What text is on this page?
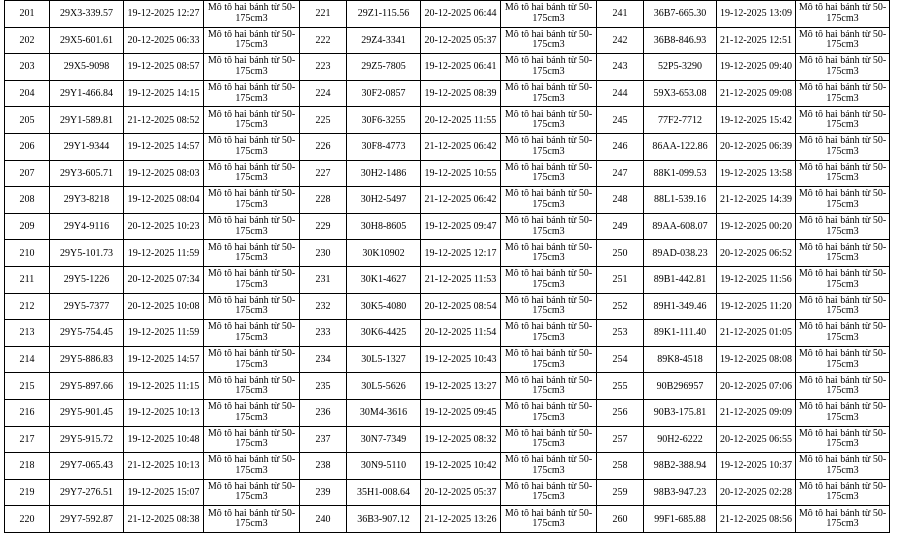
201	29X3-339.57	19-12-2025 12:27	Mô tô hai bánh từ 50-175cm3
202	29X5-601.61	20-12-2025 06:33	Mô tô hai bánh từ 50-175cm3
203	29X5-9098	19-12-2025 08:57	Mô tô hai bánh từ 50-175cm3
204	29Y1-466.84	19-12-2025 14:15	Mô tô hai bánh từ 50-175cm3
205	29Y1-589.81	21-12-2025 08:52	Mô tô hai bánh từ 50-175cm3
206	29Y1-9344	19-12-2025 14:57	Mô tô hai bánh từ 50-175cm3
207	29Y3-605.71	19-12-2025 08:03	Mô tô hai bánh từ 50-175cm3
208	29Y3-8218	19-12-2025 08:04	Mô tô hai bánh từ 50-175cm3
209	29Y4-9116	20-12-2025 10:23	Mô tô hai bánh từ 50-175cm3
210	29Y5-101.73	19-12-2025 11:59	Mô tô hai bánh từ 50-175cm3
211	29Y5-1226	20-12-2025 07:34	Mô tô hai bánh từ 50-175cm3
212	29Y5-7377	20-12-2025 10:08	Mô tô hai bánh từ 50-175cm3
213	29Y5-754.45	19-12-2025 11:59	Mô tô hai bánh từ 50-175cm3
214	29Y5-886.83	19-12-2025 14:57	Mô tô hai bánh từ 50-175cm3
215	29Y5-897.66	19-12-2025 11:15	Mô tô hai bánh từ 50-175cm3
216	29Y5-901.45	19-12-2025 10:13	Mô tô hai bánh từ 50-175cm3
217	29Y5-915.72	19-12-2025 10:48	Mô tô hai bánh từ 50-175cm3
218	29Y7-065.43	21-12-2025 10:13	Mô tô hai bánh từ 50-175cm3
219	29Y7-276.51	19-12-2025 15:07	Mô tô hai bánh từ 50-175cm3
220	29Y7-592.87	21-12-2025 08:38	Mô tô hai bánh từ 50-175cm3
221	29Z1-115.56	20-12-2025 06:44	Mô tô hai bánh từ 50-175cm3
222	29Z4-3341	20-12-2025 05:37	Mô tô hai bánh từ 50-175cm3
223	29Z5-7805	19-12-2025 06:41	Mô tô hai bánh từ 50-175cm3
224	30F2-0857	19-12-2025 08:39	Mô tô hai bánh từ 50-175cm3
225	30F6-3255	20-12-2025 11:55	Mô tô hai bánh từ 50-175cm3
226	30F8-4773	21-12-2025 06:42	Mô tô hai bánh từ 50-175cm3
227	30H2-1486	19-12-2025 10:55	Mô tô hai bánh từ 50-175cm3
228	30H2-5497	21-12-2025 06:42	Mô tô hai bánh từ 50-175cm3
229	30H8-8605	19-12-2025 09:47	Mô tô hai bánh từ 50-175cm3
230	30K10902	19-12-2025 12:17	Mô tô hai bánh từ 50-175cm3
231	30K1-4627	21-12-2025 11:53	Mô tô hai bánh từ 50-175cm3
232	30K5-4080	20-12-2025 08:54	Mô tô hai bánh từ 50-175cm3
233	30K6-4425	20-12-2025 11:54	Mô tô hai bánh từ 50-175cm3
234	30L5-1327	19-12-2025 10:43	Mô tô hai bánh từ 50-175cm3
235	30L5-5626	19-12-2025 13:27	Mô tô hai bánh từ 50-175cm3
236	30M4-3616	19-12-2025 09:45	Mô tô hai bánh từ 50-175cm3
237	30N7-7349	19-12-2025 08:32	Mô tô hai bánh từ 50-175cm3
238	30N9-5110	19-12-2025 10:42	Mô tô hai bánh từ 50-175cm3
239	35H1-008.64	20-12-2025 05:37	Mô tô hai bánh từ 50-175cm3
240	36B3-907.12	21-12-2025 13:26	Mô tô hai bánh từ 50-175cm3
241	36B7-665.30	19-12-2025 13:09	Mô tô hai bánh từ 50-175cm3
242	36B8-846.93	21-12-2025 12:51	Mô tô hai bánh từ 50-175cm3
243	52P5-3290	19-12-2025 09:40	Mô tô hai bánh từ 50-175cm3
244	59X3-653.08	21-12-2025 09:08	Mô tô hai bánh từ 50-175cm3
245	77F2-7712	19-12-2025 15:42	Mô tô hai bánh từ 50-175cm3
246	86AA-122.86	20-12-2025 06:39	Mô tô hai bánh từ 50-175cm3
247	88K1-099.53	19-12-2025 13:58	Mô tô hai bánh từ 50-175cm3
248	88L1-539.16	21-12-2025 14:39	Mô tô hai bánh từ 50-175cm3
249	89AA-608.07	19-12-2025 00:20	Mô tô hai bánh từ 50-175cm3
250	89AD-038.23	20-12-2025 06:52	Mô tô hai bánh từ 50-175cm3
251	89B1-442.81	19-12-2025 11:56	Mô tô hai bánh từ 50-175cm3
252	89H1-349.46	19-12-2025 11:20	Mô tô hai bánh từ 50-175cm3
253	89K1-111.40	21-12-2025 01:05	Mô tô hai bánh từ 50-175cm3
254	89K8-4518	19-12-2025 08:08	Mô tô hai bánh từ 50-175cm3
255	90B296957	20-12-2025 07:06	Mô tô hai bánh từ 50-175cm3
256	90B3-175.81	21-12-2025 09:09	Mô tô hai bánh từ 50-175cm3
257	90H2-6222	20-12-2025 06:55	Mô tô hai bánh từ 50-175cm3
258	98B2-388.94	19-12-2025 10:37	Mô tô hai bánh từ 50-175cm3
259	98B3-947.23	20-12-2025 02:28	Mô tô hai bánh từ 50-175cm3
260	99F1-685.88	21-12-2025 08:56	Mô tô hai bánh từ 50-175cm3
